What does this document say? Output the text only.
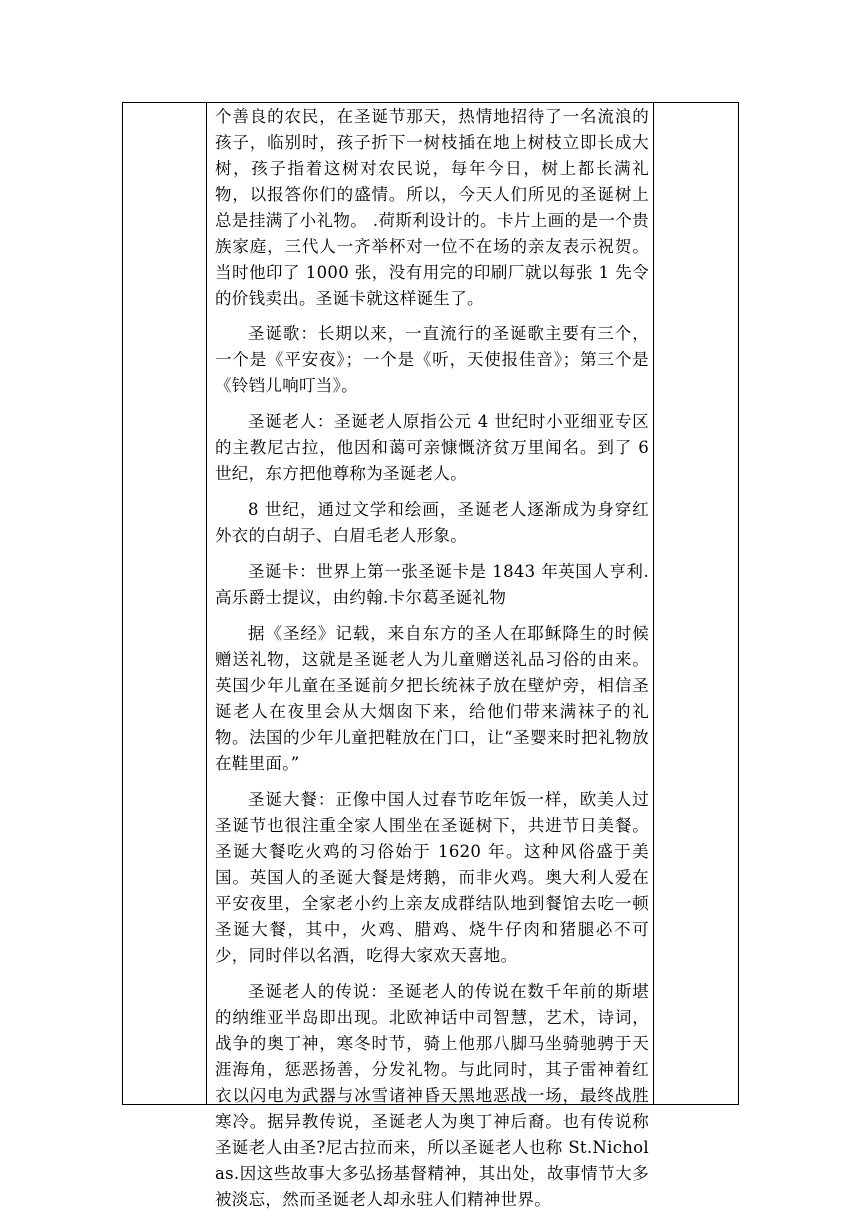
个善良的农民，在圣诞节那天，热情地招待了一名流浪的孩子，临别时，孩子折下一树枝插在地上树枝立即长成大树，孩子指着这树对农民说，每年今日，树上都长满礼物，以报答你们的盛情。所以，今天人们所见的圣诞树上总是挂满了小礼物。 .荷斯利设计的。卡片上画的是一个贵族家庭，三代人一齐举杯对一位不在场的亲友表示祝贺。当时他印了 1000 张，没有用完的印刷厂就以每张 1 先令的价钱卖出。圣诞卡就这样诞生了。

圣诞歌：长期以来，一直流行的圣诞歌主要有三个，一个是《平安夜》；一个是《听，天使报佳音》；第三个是《铃铛儿响叮当》。

圣诞老人：圣诞老人原指公元 4 世纪时小亚细亚专区的主教尼古拉，他因和蔼可亲慷慨济贫万里闻名。到了 6 世纪，东方把他尊称为圣诞老人。

8 世纪，通过文学和绘画，圣诞老人逐渐成为身穿红外衣的白胡子、白眉毛老人形象。

圣诞卡：世界上第一张圣诞卡是 1843 年英国人亨利.高乐爵士提议，由约翰.卡尔葛圣诞礼物

据《圣经》记载，来自东方的圣人在耶稣降生的时候赠送礼物，这就是圣诞老人为儿童赠送礼品习俗的由来。英国少年儿童在圣诞前夕把长统袜子放在壁炉旁，相信圣诞老人在夜里会从大烟囱下来，给他们带来满袜子的礼物。法国的少年儿童把鞋放在门口，让“圣婴来时把礼物放在鞋里面。”

圣诞大餐：正像中国人过春节吃年饭一样，欧美人过圣诞节也很注重全家人围坐在圣诞树下，共进节日美餐。圣诞大餐吃火鸡的习俗始于 1620 年。这种风俗盛于美国。英国人的圣诞大餐是烤鹅，而非火鸡。奥大利人爱在平安夜里，全家老小约上亲友成群结队地到餐馆去吃一顿圣诞大餐，其中，火鸡、腊鸡、烧牛仔肉和猪腿必不可少，同时伴以名酒，吃得大家欢天喜地。

圣诞老人的传说：圣诞老人的传说在数千年前的斯堪的纳维亚半岛即出现。北欧神话中司智慧，艺术，诗词，战争的奥丁神，寒冬时节，骑上他那八脚马坐骑驰骋于天涯海角，惩恶扬善，分发礼物。与此同时，其子雷神着红衣以闪电为武器与冰雪诸神昏天黑地恶战一场，最终战胜寒冷。据异教传说，圣诞老人为奥丁神后裔。也有传说称圣诞老人由圣?尼古拉而来，所以圣诞老人也称 St.Nicholas.因这些故事大多弘扬基督精神，其出处，故事情节大多被淡忘，然而圣诞老人却永驻人们精神世界。
